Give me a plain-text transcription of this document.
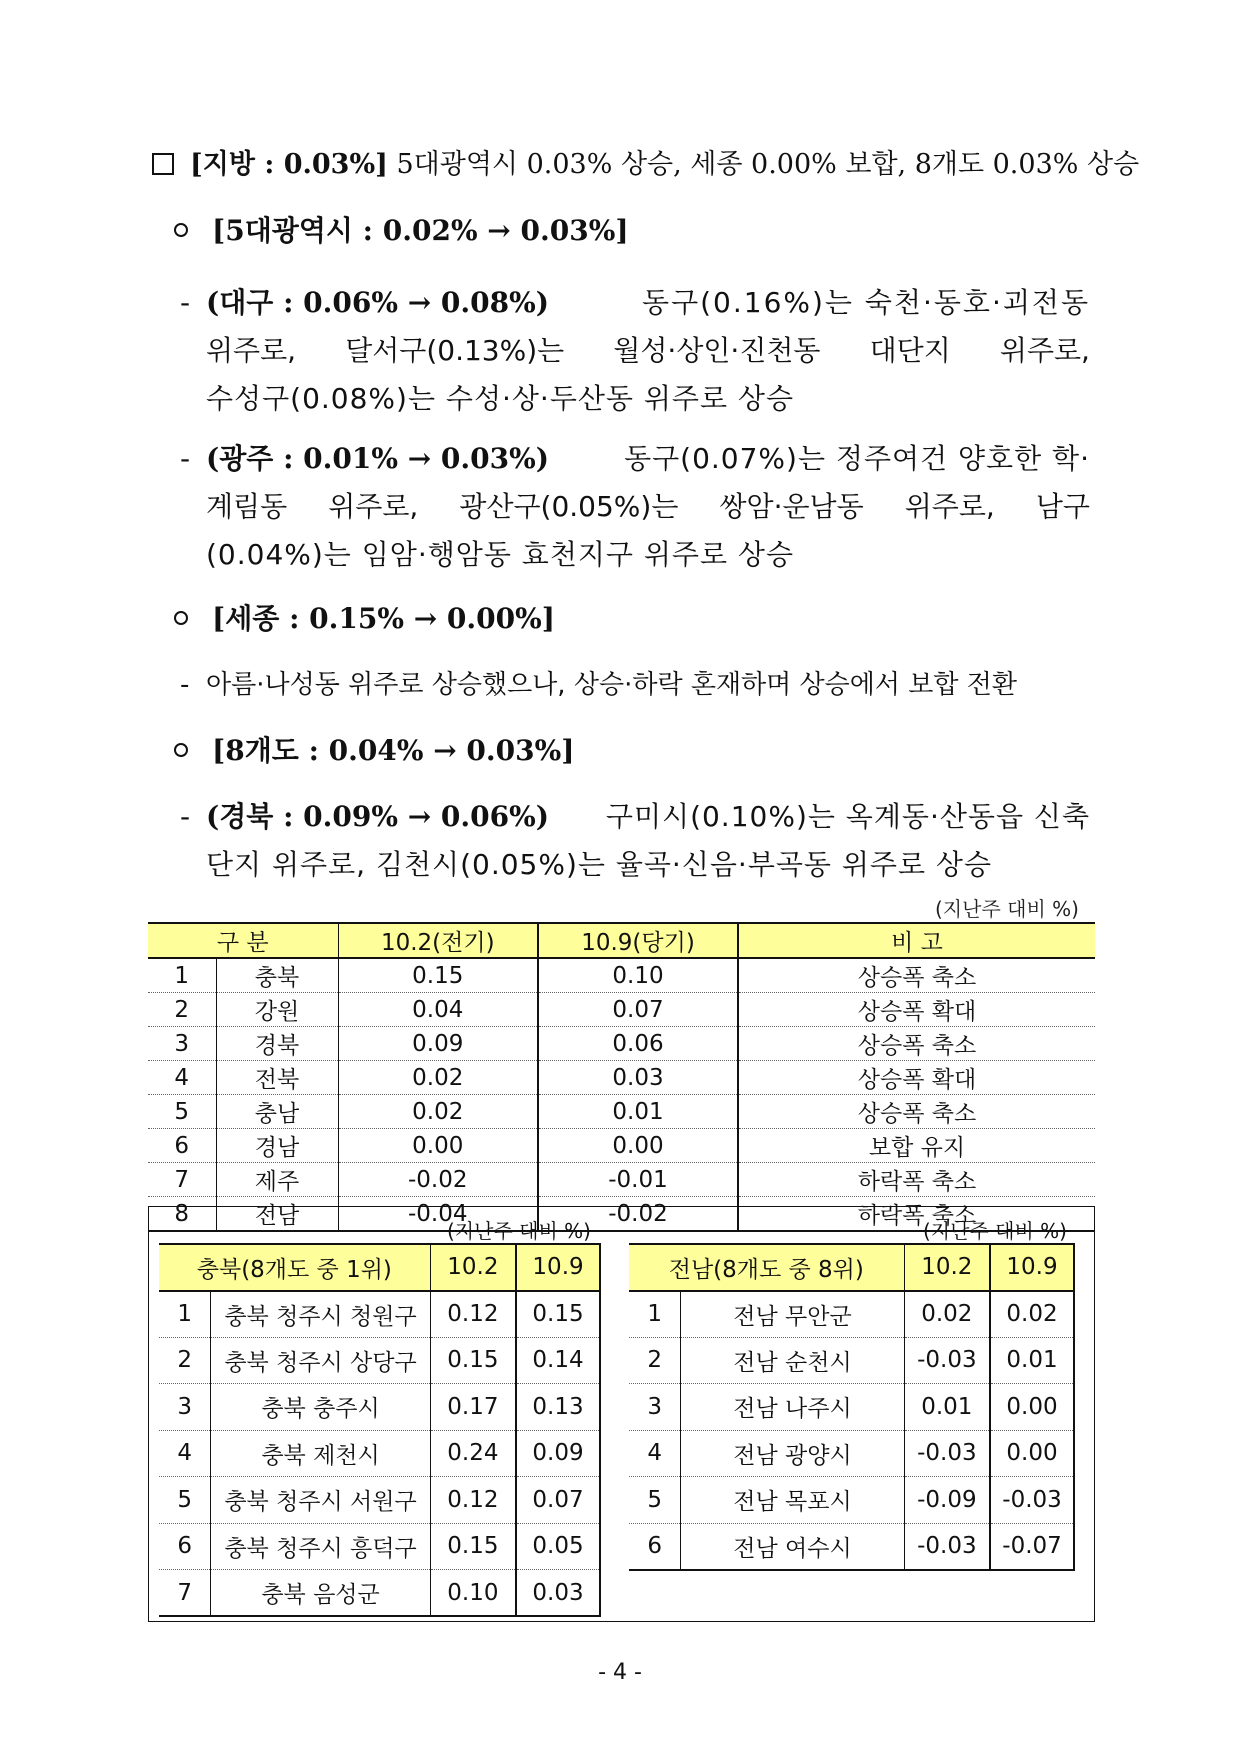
[지방 : 0.03%] 5대광역시 0.03% 상승, 세종 0.00% 보합, 8개도 0.03% 상승
[5대광역시 : 0.02% → 0.03%]
- (대구 : 0.06% → 0.08%)	동구(0.16%)는 숙천·동호·괴전동
위주로, 달서구(0.13%)는 월성·상인·진천동 대단지 위주로,
수성구(0.08%)는 수성·상·두산동 위주로 상승
- (광주 : 0.01% → 0.03%)	동구(0.07%)는 정주여건 양호한 학·
계림동 위주로, 광산구(0.05%)는 쌍암·운남동 위주로, 남구
(0.04%)는 임암·행암동 효천지구 위주로 상승
[세종 : 0.15% → 0.00%]
- 아름·나성동 위주로 상승했으나, 상승·하락 혼재하며 상승에서 보합 전환
[8개도 : 0.04% → 0.03%]
- (경북 : 0.09% → 0.06%) 구미시(0.10%)는 옥계동·산동읍 신축
단지 위주로, 김천시(0.05%)는 율곡·신음·부곡동 위주로 상승
(지난주 대비 %)
구 분		10.2(전기)	10.9(당기)	비 고
1	충북	0.15	0.10	상승폭 축소
2	강원	0.04	0.07	상승폭 확대
3	경북	0.09	0.06	상승폭 축소
4	전북	0.02	0.03	상승폭 확대
5	충남	0.02	0.01	상승폭 축소
6	경남	0.00	0.00	보합 유지
7	제주	-0.02	-0.01	하락폭 축소
8	전남	-0.04	-0.02	하락폭 축소
(지난주 대비 %)	(지난주 대비 %)
충북(8개도 중 1위)		10.2	10.9
1	충북 청주시 청원구	0.12	0.15
2	충북 청주시 상당구	0.15	0.14
3	충북 충주시	0.17	0.13
4	충북 제천시	0.24	0.09
5	충북 청주시 서원구	0.12	0.07
6	충북 청주시 흥덕구	0.15	0.05
7	충북 음성군	0.10	0.03
전남(8개도 중 8위)		10.2	10.9
1	전남 무안군	0.02	0.02
2	전남 순천시	-0.03	0.01
3	전남 나주시	0.01	0.00
4	전남 광양시	-0.03	0.00
5	전남 목포시	-0.09	-0.03
6	전남 여수시	-0.03	-0.07
- 4 -
